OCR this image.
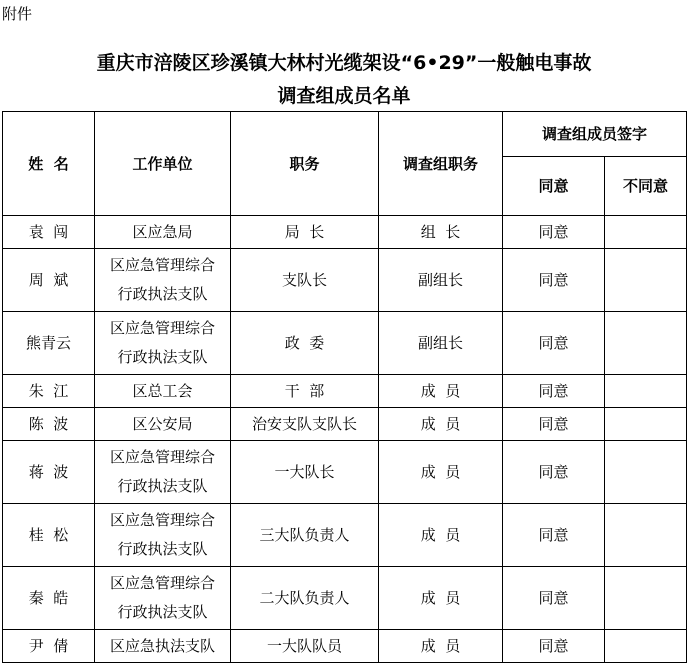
附件
重庆市涪陵区珍溪镇大林村光缆架设“6•29”一般触电事故
调查组成员名单
姓  名	工作单位	职务	调查组职务	调查组成员签字	
				同意	不同意
袁  闯	区应急局	局  长	组  长	同意	
周  斌	区应急管理综合行政执法支队	支队长	副组长	同意	
熊青云	区应急管理综合行政执法支队	政  委	副组长	同意	
朱  江	区总工会	干  部	成  员	同意	
陈  波	区公安局	治安支队支队长	成  员	同意	
蒋  波	区应急管理综合行政执法支队	一大队长	成  员	同意	
桂  松	区应急管理综合行政执法支队	三大队负责人	成  员	同意	
秦  皓	区应急管理综合行政执法支队	二大队负责人	成  员	同意	
尹  倩	区应急执法支队	一大队队员	成  员	同意	
